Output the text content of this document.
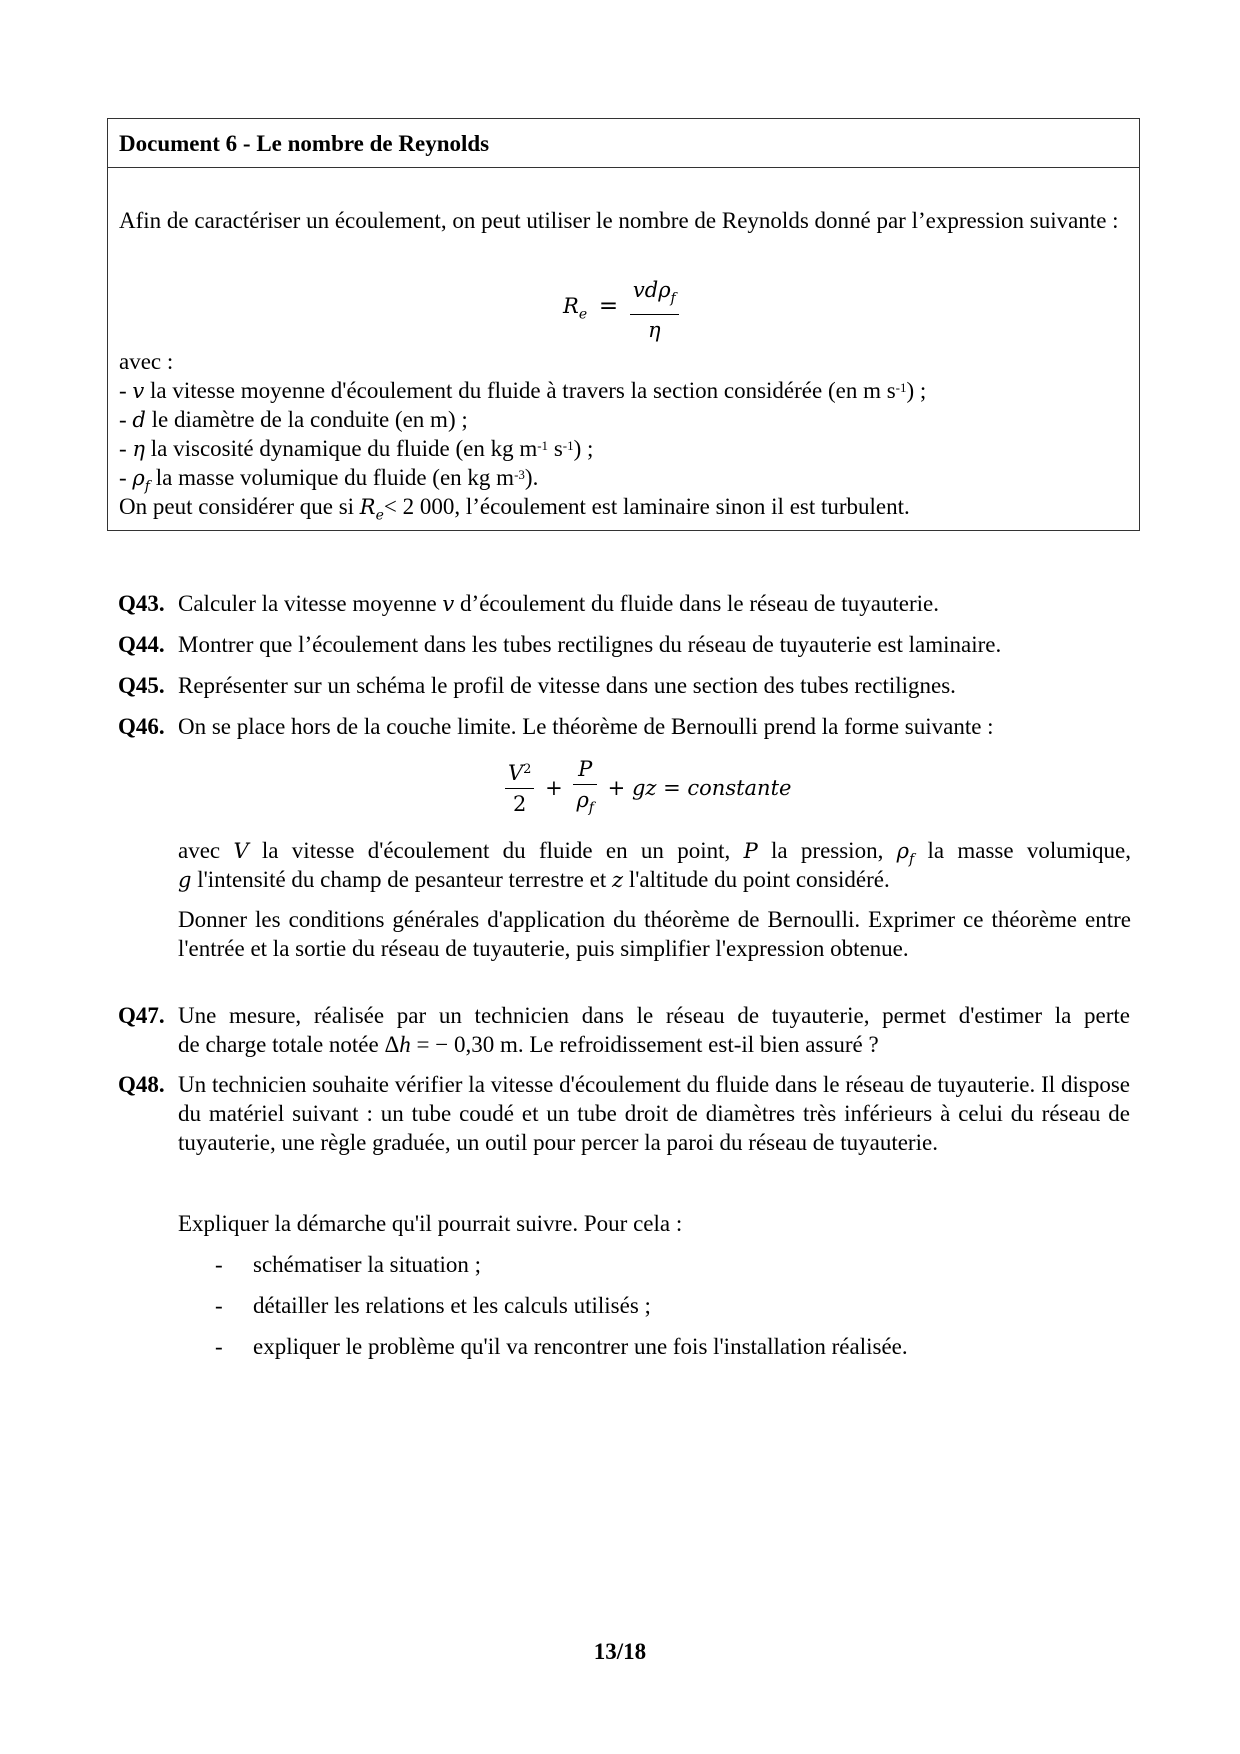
Document 6 - Le nombre de Reynolds
Afin de caractériser un écoulement, on peut utiliser le nombre de Reynolds donné par l’expression suivante :
$R_e = \frac{vd\rho_f}{\eta}$
avec :
- v la vitesse moyenne d'écoulement du fluide à travers la section considérée (en m $s^{-1}$) ;
- d le diamètre de la conduite (en m) ;
- η la viscosité dynamique du fluide (en kg $m^{-1}$ $s^{-1}$) ;
- $\rho_f$ la masse volumique du fluide (en kg $m^{-3}$).
On peut considérer que si $R_e< 2$ 000, l’écoulement est laminaire sinon il est turbulent.
Q43. Calculer la vitesse moyenne v d’écoulement du fluide dans le réseau de tuyauterie.
Q44. Montrer que l’écoulement dans les tubes rectilignes du réseau de tuyauterie est laminaire.
Q45. Représenter sur un schéma le profil de vitesse dans une section des tubes rectilignes.
Q46. On se place hors de la couche limite. Le théorème de Bernoulli prend la forme suivante :
$\frac{V^2}{2} + \frac{P}{\rho_f}$ + gz = constante
avec V la vitesse d'écoulement du fluide en un point, P la pression, $\rho_f$ la masse volumique,
g l'intensité du champ de pesanteur terrestre et z l'altitude du point considéré.
Donner les conditions générales d'application du théorème de Bernoulli. Exprimer ce théorème entre l'entrée et la sortie du réseau de tuyauterie, puis simplifier l'expression obtenue.
Q47. Une mesure, réalisée par un technicien dans le réseau de tuyauterie, permet d'estimer la perte
de charge totale notée Δh = − 0,30 m. Le refroidissement est-il bien assuré ?
Q48. Un technicien souhaite vérifier la vitesse d'écoulement du fluide dans le réseau de tuyauterie. Il dispose du matériel suivant : un tube coudé et un tube droit de diamètres très inférieurs à celui du réseau de tuyauterie, une règle graduée, un outil pour percer la paroi du réseau de tuyauterie.
Expliquer la démarche qu'il pourrait suivre. Pour cela :
- schématiser la situation ;
- détailler les relations et les calculs utilisés ;
- expliquer le problème qu'il va rencontrer une fois l'installation réalisée.
13/18
